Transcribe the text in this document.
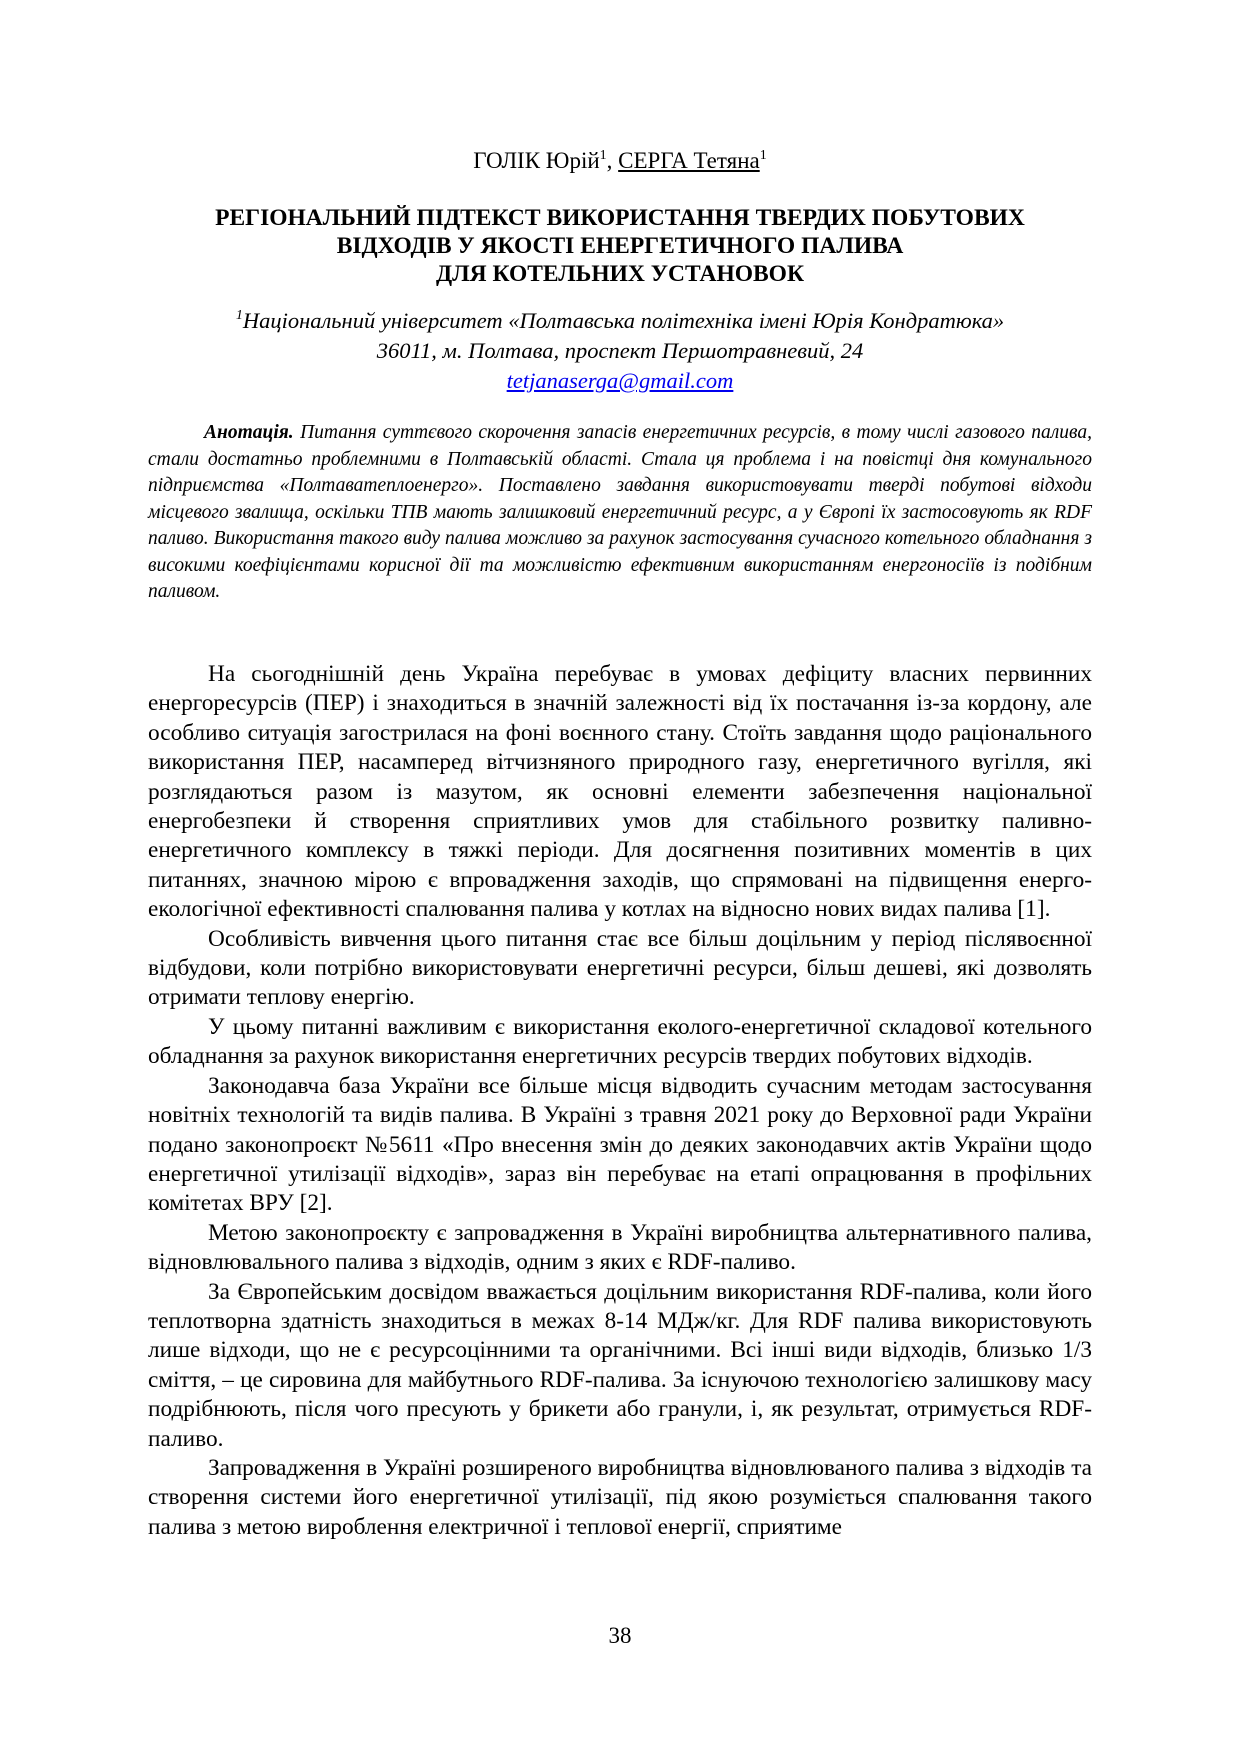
ГОЛІК Юрій$^1$, СЕРГА Тетяна$^1$
РЕГІОНАЛЬНИЙ ПІДТЕКСТ ВИКОРИСТАННЯ ТВЕРДИХ ПОБУТОВИХ
ВІДХОДІВ У ЯКОСТІ ЕНЕРГЕТИЧНОГО ПАЛИВА
ДЛЯ КОТЕЛЬНИХ УСТАНОВОК
$^1$Національний університет «Полтавська політехніка імені Юрія Кондратюка»
36011, м. Полтава, проспект Першотравневий, 24
tetjanaserga@gmail.com
Анотація. Питання суттєвого скорочення запасів енергетичних ресурсів, в тому числі газового палива, стали достатньо проблемними в Полтавській області. Стала ця проблема і на повістці дня комунального підприємства «Полтаватеплоенерго». Поставлено завдання використовувати тверді побутові відходи місцевого звалища, оскільки ТПВ мають залишковий енергетичний ресурс, а у Європі їх застосовують як RDF паливо. Використання такого виду палива можливо за рахунок застосування сучасного котельного обладнання з високими коефіцієнтами корисної дії та можливістю ефективним використанням енергоносіїв із подібним паливом.

На сьогоднішній день Україна перебуває в умовах дефіциту власних первинних енергоресурсів (ПЕР) і знаходиться в значній залежності від їх постачання із-за кордону, але особливо ситуація загострилася на фоні воєнного стану. Стоїть завдання щодо раціонального використання ПЕР, насамперед вітчизняного природного газу, енергетичного вугілля, які розглядаються разом із мазутом, як основні елементи забезпечення національної енергобезпеки й створення сприятливих умов для стабільного розвитку паливно-енергетичного комплексу в тяжкі періоди. Для досягнення позитивних моментів в цих питаннях, значною мірою є впровадження заходів, що спрямовані на підвищення енерго-екологічної ефективності спалювання палива у котлах на відносно нових видах палива [1].

Особливість вивчення цього питання стає все більш доцільним у період післявоєнної відбудови, коли потрібно використовувати енергетичні ресурси, більш дешеві, які дозволять отримати теплову енергію.

У цьому питанні важливим є використання еколого-енергетичної складової котельного обладнання за рахунок використання енергетичних ресурсів твердих побутових відходів.

Законодавча база України все більше місця відводить сучасним методам застосування новітніх технологій та видів палива. В Україні з травня 2021 року до Верховної ради України подано законопроєкт №5611 «Про внесення змін до деяких законодавчих актів України щодо енергетичної утилізації відходів», зараз він перебуває на етапі опрацювання в профільних комітетах ВРУ [2].

Метою законопроєкту є запровадження в Україні виробництва альтернативного палива, відновлювального палива з відходів, одним з яких є RDF-паливо.

За Європейським досвідом вважається доцільним використання RDF-палива, коли його теплотворна здатність знаходиться в межах 8-14 МДж/кг. Для RDF палива використовують лише відходи, що не є ресурсоцінними та органічними. Всі інші види відходів, близько 1/3 сміття, – це сировина для майбутнього RDF-палива. За існуючою технологією залишкову масу подрібнюють, після чого пресують у брикети або гранули, і, як результат, отримується RDF-паливо.

Запровадження в Україні розширеного виробництва відновлюваного палива з відходів та створення системи його енергетичної утилізації, під якою розуміється спалювання такого палива з метою вироблення електричної і теплової енергії, сприятиме

38
